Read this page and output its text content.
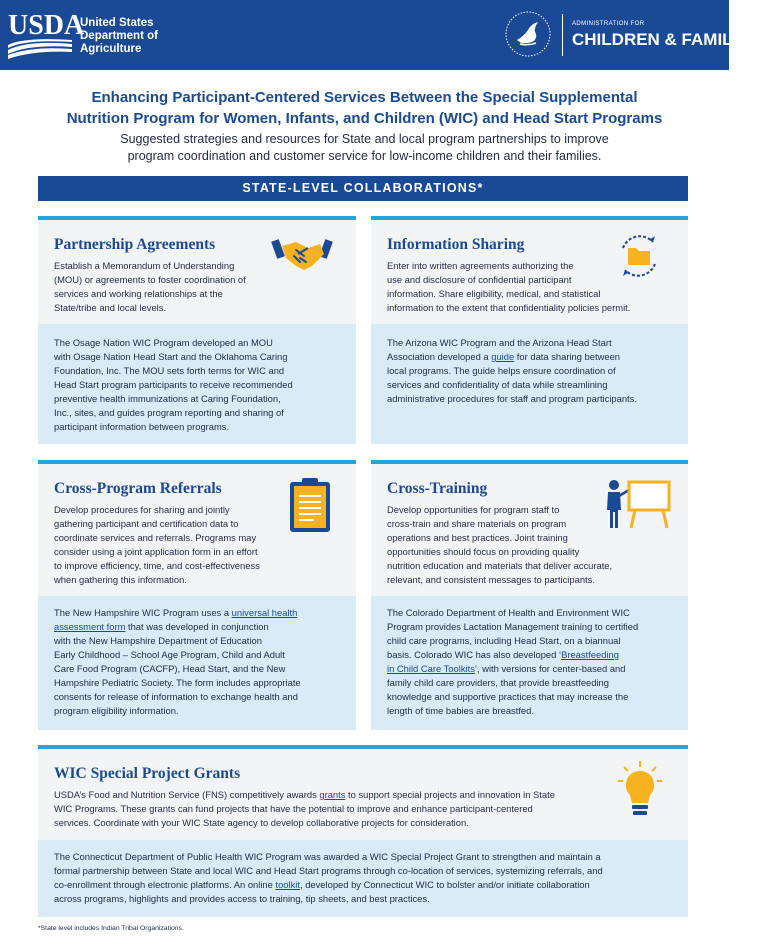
USDA
United States
Department of
Agriculture
ADMINISTRATION FOR
CHILDREN & FAMILIES
Enhancing Participant-Centered Services Between the Special Supplemental
Nutrition Program for Women, Infants, and Children (WIC) and Head Start Programs
Suggested strategies and resources for State and local program partnerships to improve
program coordination and customer service for low-income children and their families.
STATE-LEVEL COLLABORATIONS*
Partnership Agreements
Establish a Memorandum of Understanding
(MOU) or agreements to foster coordination of
services and working relationships at the
State/tribe and local levels.
The Osage Nation WIC Program developed an MOU
with Osage Nation Head Start and the Oklahoma Caring
Foundation, Inc. The MOU sets forth terms for WIC and
Head Start program participants to receive recommended
preventive health immunizations at Caring Foundation,
Inc., sites, and guides program reporting and sharing of
participant information between programs.
Information Sharing
Enter into written agreements authorizing the
use and disclosure of confidential participant
information. Share eligibility, medical, and statistical
information to the extent that confidentiality policies permit.
The Arizona WIC Program and the Arizona Head Start
Association developed a guide for data sharing between
local programs. The guide helps ensure coordination of
services and confidentiality of data while streamlining
administrative procedures for staff and program participants.
Cross-Program Referrals
Develop procedures for sharing and jointly
gathering participant and certification data to
coordinate services and referrals. Programs may
consider using a joint application form in an effort
to improve efficiency, time, and cost-effectiveness
when gathering this information.
The New Hampshire WIC Program uses a universal health
assessment form that was developed in conjunction
with the New Hampshire Department of Education
Early Childhood – School Age Program, Child and Adult
Care Food Program (CACFP), Head Start, and the New
Hampshire Pediatric Society. The form includes appropriate
consents for release of information to exchange health and
program eligibility information.
Cross-Training
Develop opportunities for program staff to
cross-train and share materials on program
operations and best practices. Joint training
opportunities should focus on providing quality
nutrition education and materials that deliver accurate,
relevant, and consistent messages to participants.
The Colorado Department of Health and Environment WIC
Program provides Lactation Management training to certified
child care programs, including Head Start, on a biannual
basis. Colorado WIC has also developed ‘Breastfeeding
in Child Care Toolkits’, with versions for center-based and
family child care providers, that provide breastfeeding
knowledge and supportive practices that may increase the
length of time babies are breastfed.
WIC Special Project Grants
USDA’s Food and Nutrition Service (FNS) competitively awards grants to support special projects and innovation in State
WIC Programs. These grants can fund projects that have the potential to improve and enhance participant-centered
services. Coordinate with your WIC State agency to develop collaborative projects for consideration.
The Connecticut Department of Public Health WIC Program was awarded a WIC Special Project Grant to strengthen and maintain a
formal partnership between State and local WIC and Head Start programs through co-location of services, systemizing referrals, and
co-enrollment through electronic platforms. An online toolkit, developed by Connecticut WIC to bolster and/or initiate collaboration
across programs, highlights and provides access to training, tip sheets, and best practices.
*State level includes Indian Tribal Organizations.
